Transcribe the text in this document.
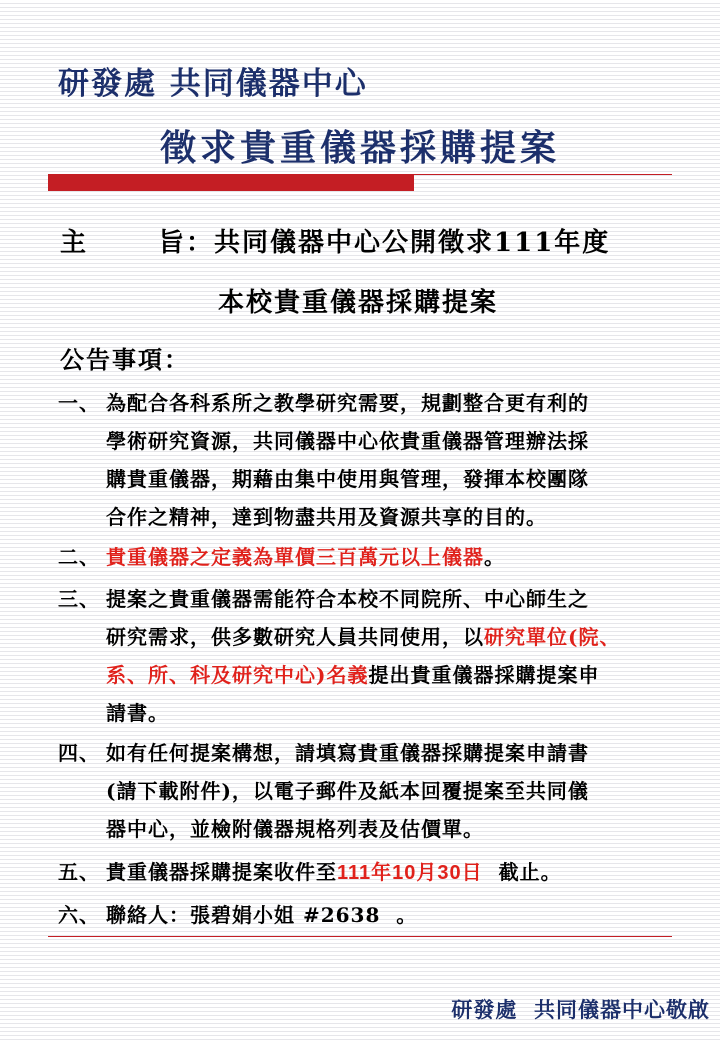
研發處 共同儀器中心
徵求貴重儀器採購提案
主	旨：共同儀器中心公開徵求111年度
本校貴重儀器採購提案
公告事項：
一、 為配合各科系所之教學研究需要，規劃整合更有利的
學術研究資源，共同儀器中心依貴重儀器管理辦法採
購貴重儀器，期藉由集中使用與管理，發揮本校團隊
合作之精神，達到物盡共用及資源共享的目的。
二、 貴重儀器之定義為單價三百萬元以上儀器。
三、 提案之貴重儀器需能符合本校不同院所、中心師生之
研究需求，供多數研究人員共同使用，以研究單位(院、
系、所、科及研究中心)名義提出貴重儀器採購提案申
請書。
四、 如有任何提案構想，請填寫貴重儀器採購提案申請書
(請下載附件)，以電子郵件及紙本回覆提案至共同儀
器中心，並檢附儀器規格列表及估價單。
五、 貴重儀器採購提案收件至111年10月30日  截止。
六、 聯絡人：張碧娟小姐 #2638  。
研發處  共同儀器中心敬啟
